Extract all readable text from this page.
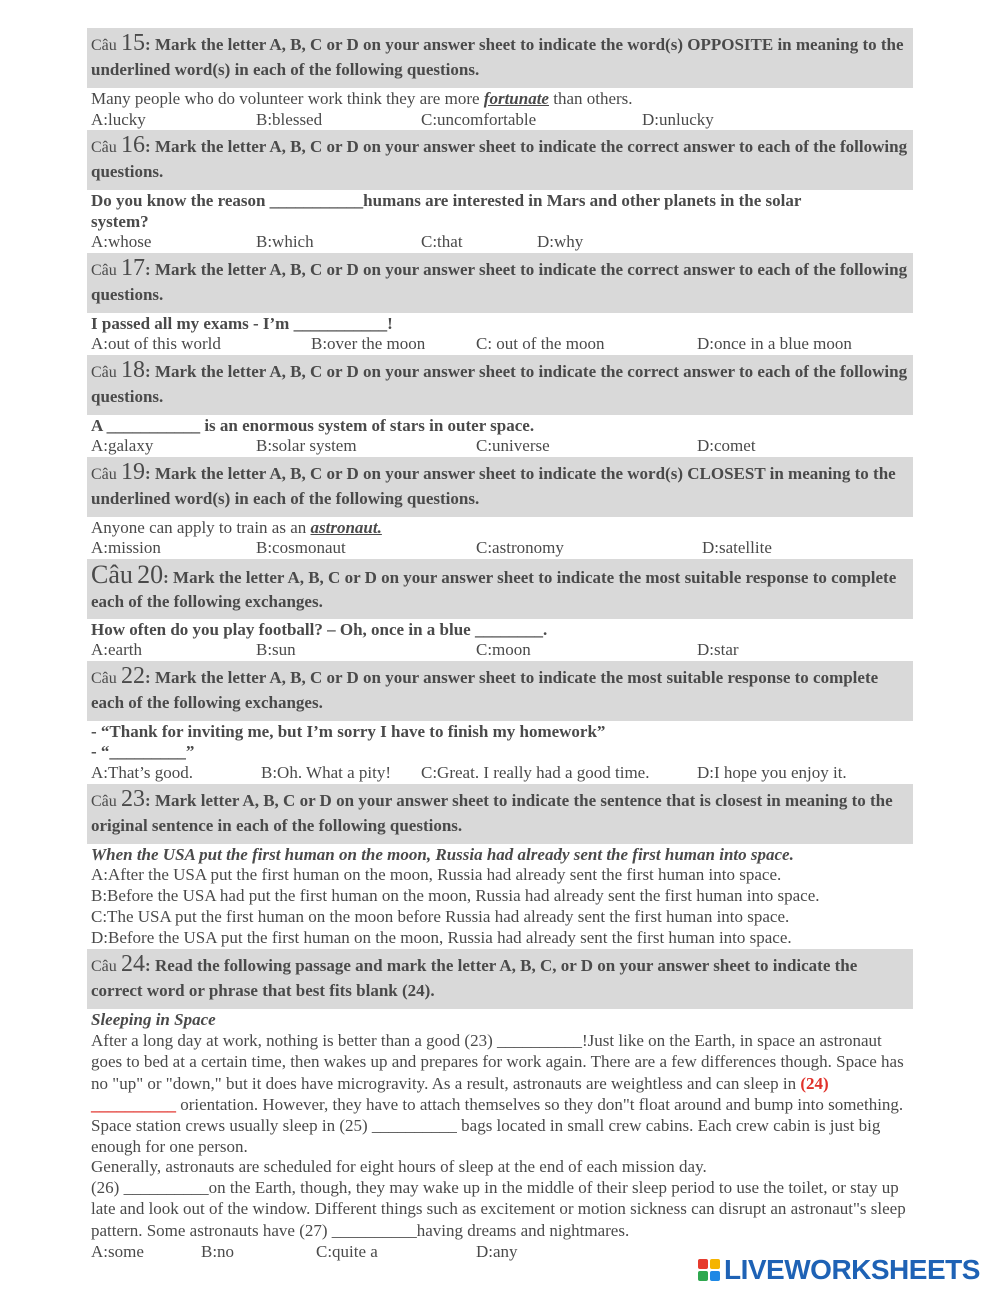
Câu 15: Mark the letter A, B, C or D on your answer sheet to indicate the word(s) OPPOSITE in meaning to the underlined word(s) in each of the following questions.
Many people who do volunteer work think they are more fortunate than others.
A:lucky	B:blessed	C:uncomfortable	D:unlucky
Câu 16: Mark the letter A, B, C or D on your answer sheet to indicate the correct answer to each of the following questions.
Do you know the reason ___________humans are interested in Mars and other planets in the solar
system?
A:whose	B:which	C:that	D:why
Câu 17: Mark the letter A, B, C or D on your answer sheet to indicate the correct answer to each of the following questions.
I passed all my exams - I’m ___________!
A:out of this world	B:over the moon	C: out of the moon	D:once in a blue moon
Câu 18: Mark the letter A, B, C or D on your answer sheet to indicate the correct answer to each of the following questions.
A ___________ is an enormous system of stars in outer space.
A:galaxy	B:solar system	C:universe	D:comet
Câu 19: Mark the letter A, B, C or D on your answer sheet to indicate the word(s) CLOSEST in meaning to the underlined word(s) in each of the following questions.
Anyone can apply to train as an astronaut.
A:mission	B:cosmonaut	C:astronomy	D:satellite
Câu 20: Mark the letter A, B, C or D on your answer sheet to indicate the most suitable response to complete each of the following exchanges.
How often do you play football? – Oh, once in a blue ________.
A:earth	B:sun	C:moon	D:star
Câu 22: Mark the letter A, B, C or D on your answer sheet to indicate the most suitable response to complete each of the following exchanges.
- “Thank for inviting me, but I’m sorry I have to finish my homework”
- “_________”
A:That’s good.	B:Oh. What a pity! C:Great. I really had a good time.	D:I hope you enjoy it.
Câu 23: Mark letter A, B, C or D on your answer sheet to indicate the sentence that is closest in meaning to the original sentence in each of the following questions.
When the USA put the first human on the moon, Russia had already sent the first human into space.
A:After the USA put the first human on the moon, Russia had already sent the first human into space.
B:Before the USA had put the first human on the moon, Russia had already sent the first human into space.
C:The USA put the first human on the moon before Russia had already sent the first human into space.
D:Before the USA put the first human on the moon, Russia had already sent the first human into space.
Câu 24: Read the following passage and mark the letter A, B, C, or D on your answer sheet to indicate the correct word or phrase that best fits blank (24).
Sleeping in Space
After a long day at work, nothing is better than a good (23) __________!Just like on the Earth, in space an astronaut goes to bed at a certain time, then wakes up and prepares for work again. There are a few differences though. Space has no "up" or "down," but it does have microgravity. As a result, astronauts are weightless and can sleep in (24) __________ orientation. However, they have to attach themselves so they don"t float around and bump into something. Space station crews usually sleep in (25) __________ bags located in small crew cabins. Each crew cabin is just big enough for one person.
Generally, astronauts are scheduled for eight hours of sleep at the end of each mission day.
(26) __________on the Earth, though, they may wake up in the middle of their sleep period to use the toilet, or stay up late and look out of the window. Different things such as excitement or motion sickness can disrupt an astronaut"s sleep pattern. Some astronauts have (27) __________having dreams and nightmares.
A:some	B:no	C:quite a	D:any
LIVEWORKSHEETS
